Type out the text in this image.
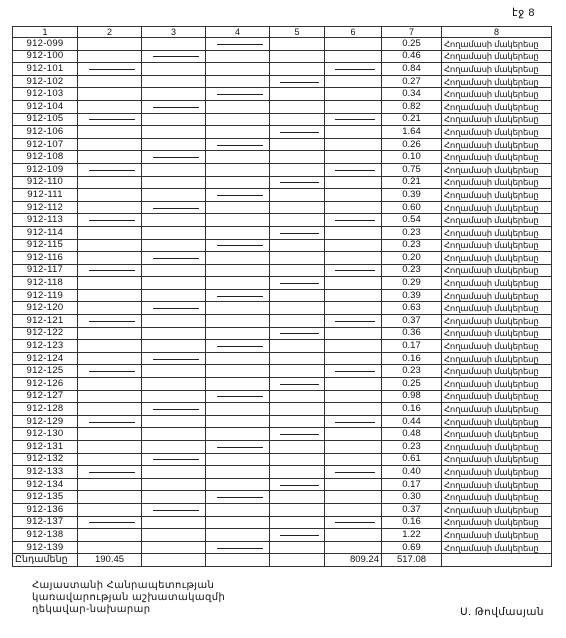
էջ 8
1	2	3	4	5	6	7	8
912-099						0.25	Հողամասի մակերեսը
912-100						0.46	Հողամասի մակերեսը
912-101						0.84	Հողամասի մակերեսը
912-102						0.27	Հողամասի մակերեսը
912-103						0.34	Հողամասի մակերեսը
912-104						0.82	Հողամասի մակերեսը
912-105						0.21	Հողամասի մակերեսը
912-106						1.64	Հողամասի մակերեսը
912-107						0.26	Հողամասի մակերեսը
912-108						0.10	Հողամասի մակերեսը
912-109						0.75	Հողամասի մակերեսը
912-110						0.21	Հողամասի մակերեսը
912-111						0.39	Հողամասի մակերեսը
912-112						0.60	Հողամասի մակերեսը
912-113						0.54	Հողամասի մակերեսը
912-114						0.23	Հողամասի մակերեսը
912-115						0.23	Հողամասի մակերեսը
912-116						0.20	Հողամասի մակերեսը
912-117						0.23	Հողամասի մակերեսը
912-118						0.29	Հողամասի մակերեսը
912-119						0.39	Հողամասի մակերեսը
912-120						0.63	Հողամասի մակերեսը
912-121						0.37	Հողամասի մակերեսը
912-122						0.36	Հողամասի մակերեսը
912-123						0.17	Հողամասի մակերեսը
912-124						0.16	Հողամասի մակերեսը
912-125						0.23	Հողամասի մակերեսը
912-126						0.25	Հողամասի մակերեսը
912-127						0.98	Հողամասի մակերեսը
912-128						0.16	Հողամասի մակերեսը
912-129						0.44	Հողամասի մակերեսը
912-130						0.48	Հողամասի մակերեսը
912-131						0.23	Հողամասի մակերեսը
912-132						0.61	Հողամասի մակերեսը
912-133						0.40	Հողամասի մակերեսը
912-134						0.17	Հողամասի մակերեսը
912-135						0.30	Հողամասի մակերեսը
912-136						0.37	Հողամասի մակերեսը
912-137						0.16	Հողամասի մակերեսը
912-138						1.22	Հողամասի մակերեսը
912-139						0.69	Հողամասի մակերեսը
Ընդամենը	190.45				809.24	517.08	
Հայաստանի Հանրապետության
կառավարության աշխատակազմի
ղեկավար-նախարար	Ս. Թովմասյան
